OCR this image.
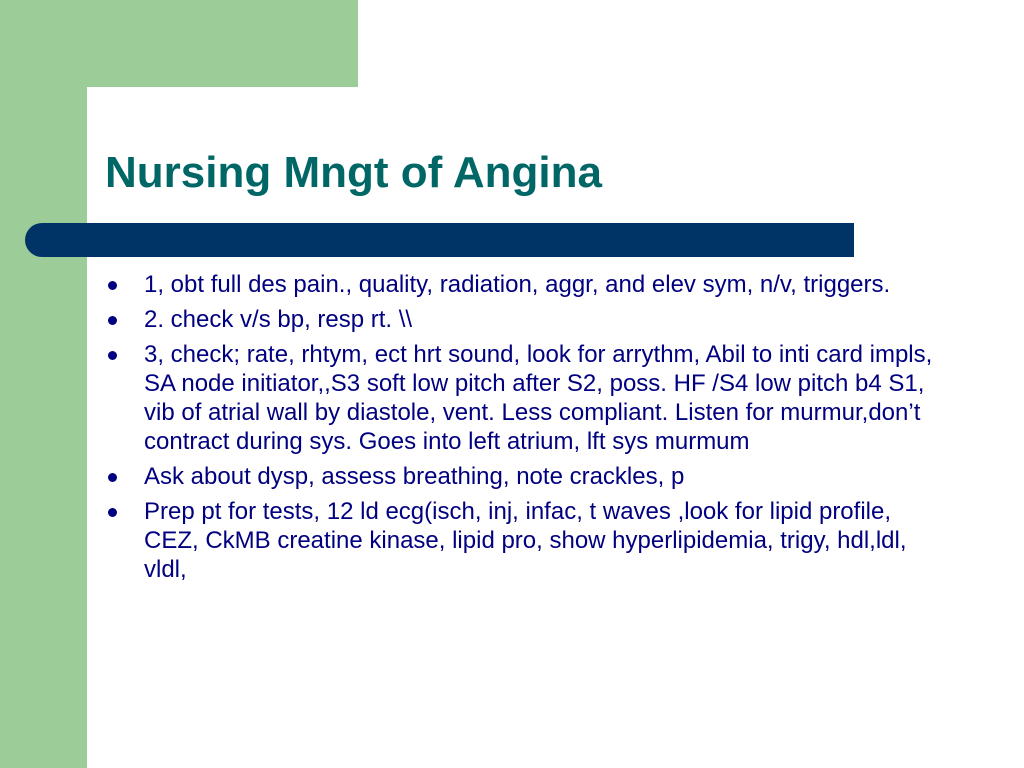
Nursing Mngt of Angina
1, obt full des pain., quality, radiation, aggr, and elev sym, n/v, triggers.
2. check v/s bp, resp rt. \\
3, check; rate, rhtym, ect hrt sound, look for arrythm, Abil to inti card impls, SA node initiator,,S3 soft low pitch after S2, poss. HF /S4 low pitch b4 S1, vib of atrial wall by diastole, vent. Less compliant. Listen for murmur,don’t contract during sys. Goes into left atrium, lft sys murmum
Ask about dysp, assess breathing, note crackles, p
Prep pt for tests, 12 ld ecg(isch, inj, infac, t waves ,look for lipid profile, CEZ, CkMB creatine kinase, lipid pro, show hyperlipidemia, trigy, hdl,ldl, vldl,
